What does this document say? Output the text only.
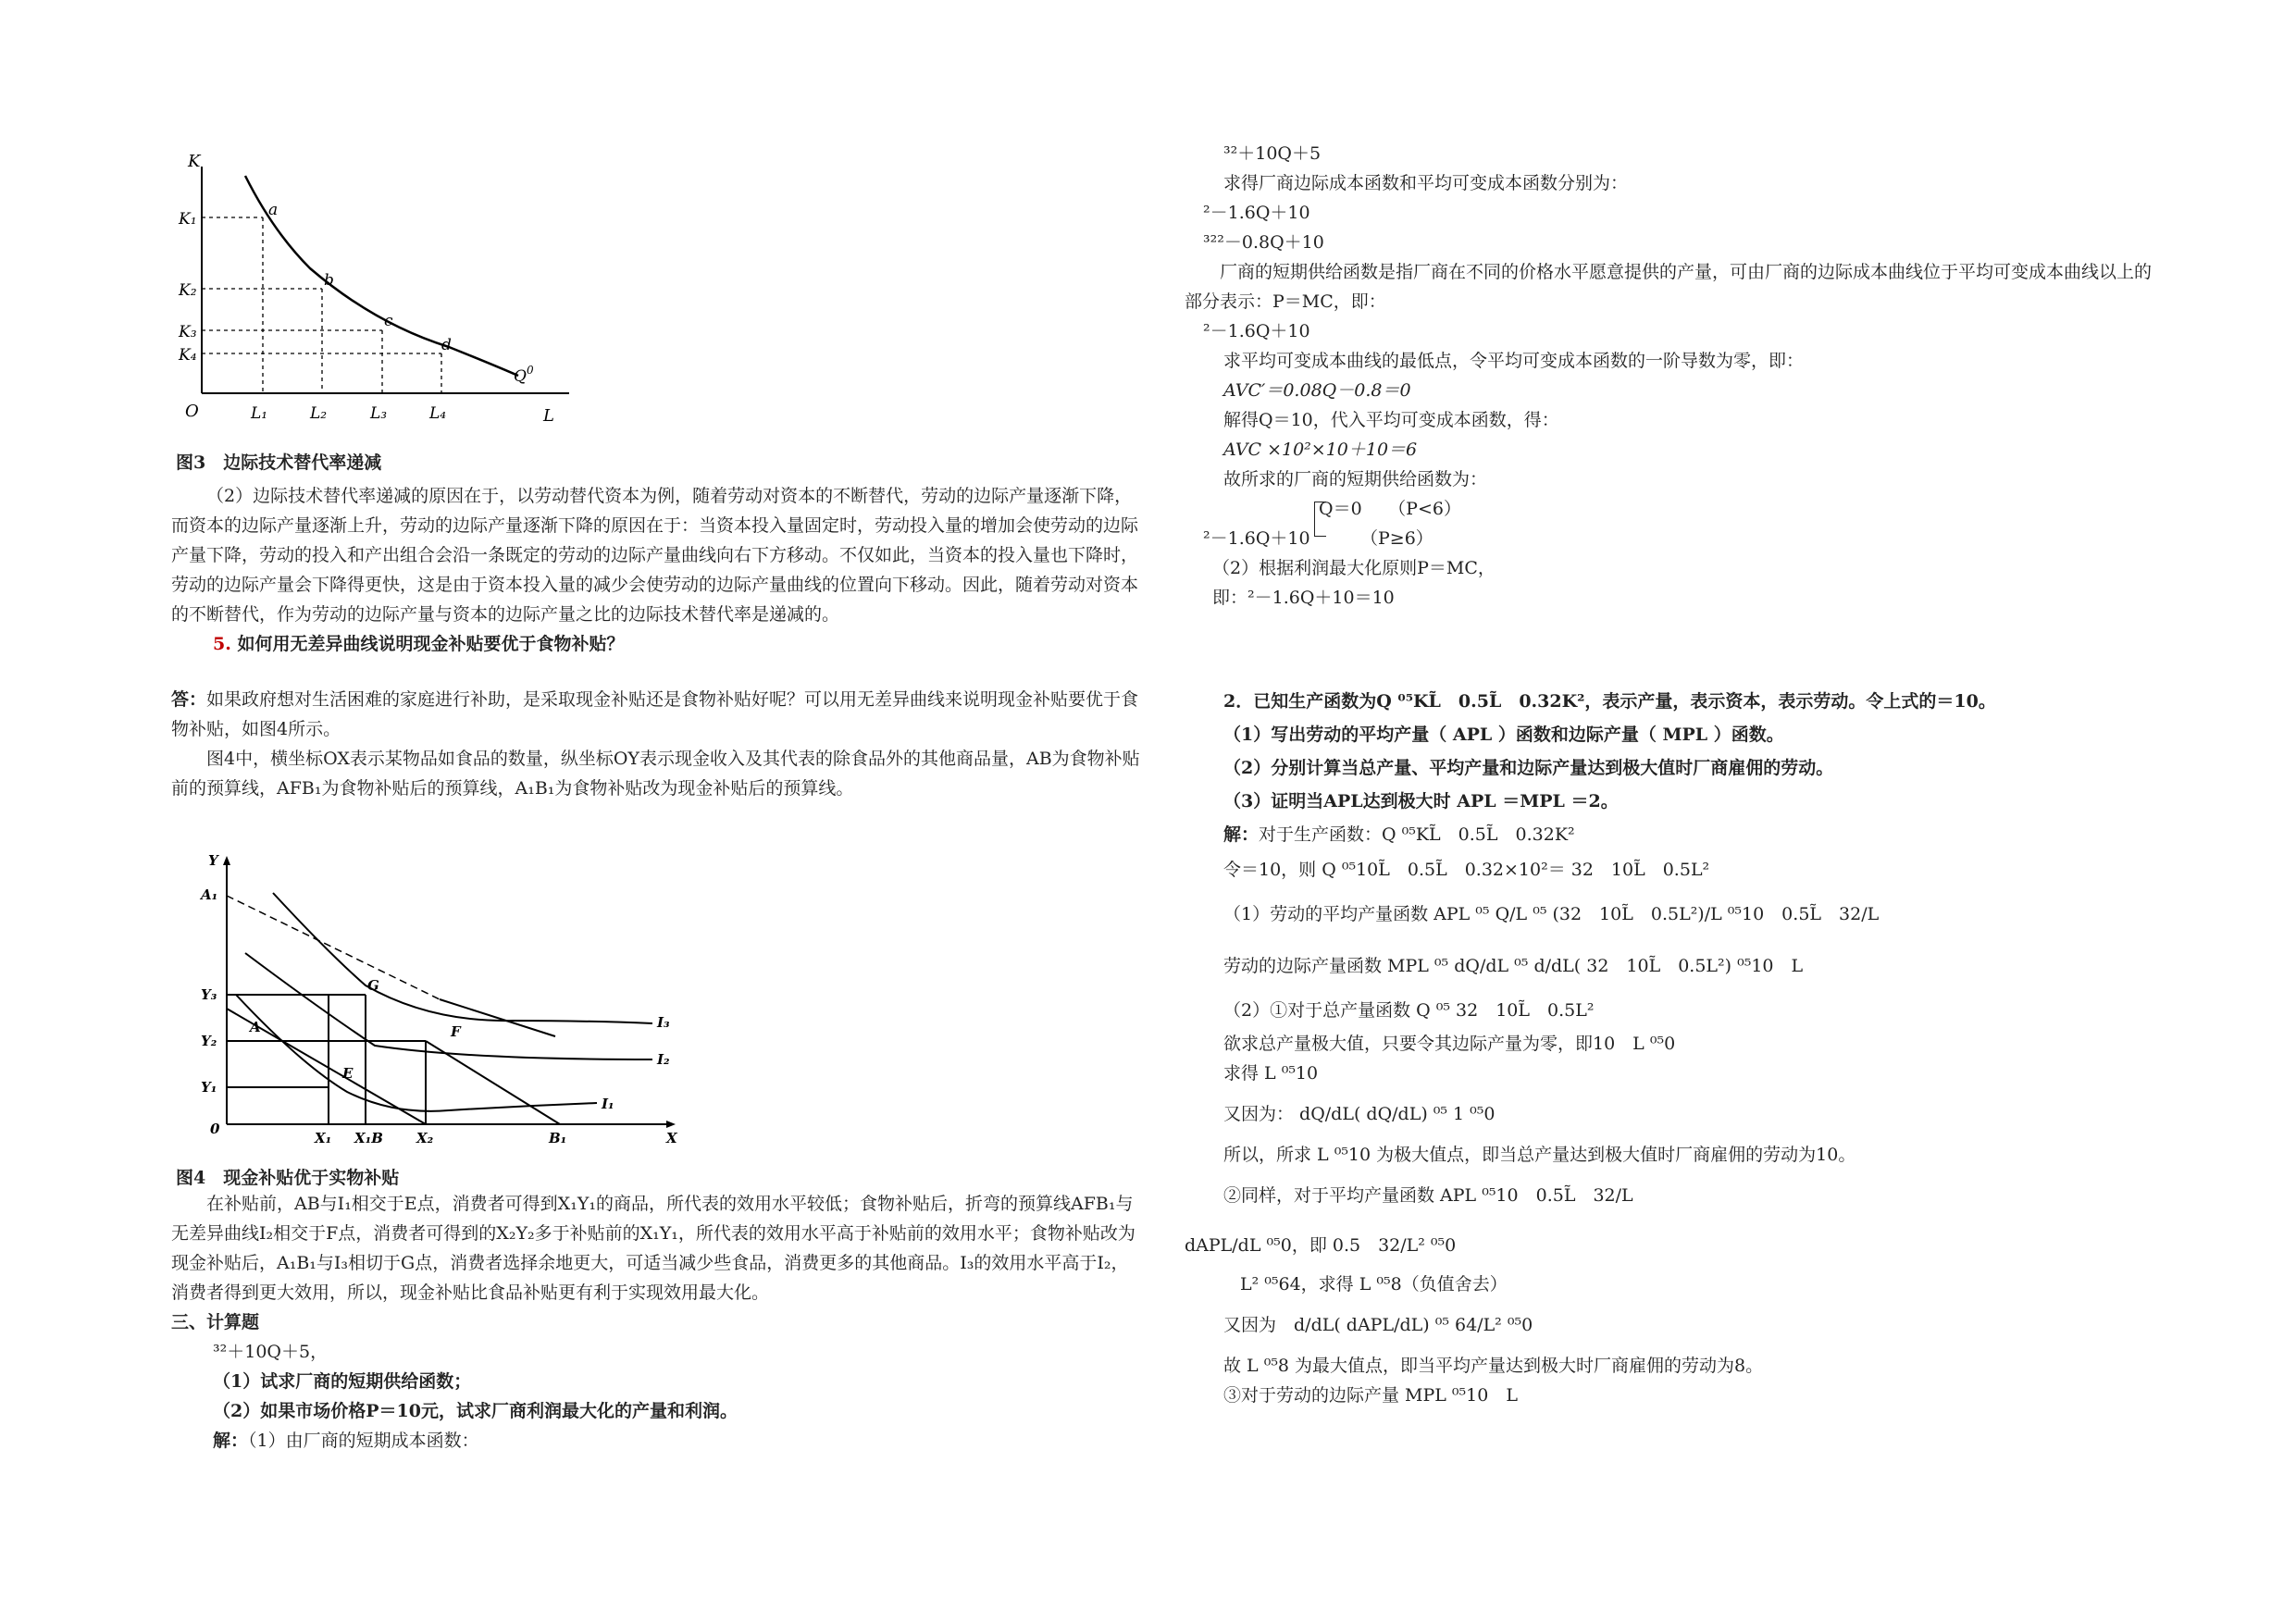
K
L
O
K₁
K₂
K₃
K₄
L₁	L₂	L₃	L₄
a
b
c
d
$Q^0$
图3　边际技术替代率递减

（2）边际技术替代率递减的原因在于，以劳动替代资本为例，随着劳动对资本的不断替代，劳动的边际产量逐渐下降，而资本的边际产量逐渐上升，劳动的边际产量逐渐下降的原因在于：当资本投入量固定时，劳动投入量的增加会使劳动的边际产量下降，劳动的投入和产出组合会沿一条既定的劳动的边际产量曲线向右下方移动。不仅如此，当资本的投入量也下降时，劳动的边际产量会下降得更快，这是由于资本投入量的减少会使劳动的边际产量曲线的位置向下移动。因此，随着劳动对资本的不断替代，作为劳动的边际产量与资本的边际产量之比的边际技术替代率是递减的。

5. 如何用无差异曲线说明现金补贴要优于食物补贴？

答：如果政府想对生活困难的家庭进行补助，是采取现金补贴还是食物补贴好呢？可以用无差异曲线来说明现金补贴要优于食物补贴，如图4所示。

图4中，横坐标OX表示某物品如食品的数量，纵坐标OY表示现金收入及其代表的除食品外的其他商品量，AB为食物补贴前的预算线，AFB₁为食物补贴后的预算线，A₁B₁为食物补贴改为现金补贴后的预算线。

Y
X
0
A₁
Y₃
Y₂
Y₁
A
G
F
E
I₃
I₂
I₁
X₁ X₁B X₂	B₁
图4　现金补贴优于实物补贴

在补贴前，AB与I₁相交于E点，消费者可得到X₁Y₁的商品，所代表的效用水平较低；食物补贴后，折弯的预算线AFB₁与无差异曲线I₂相交于F点，消费者可得到的X₂Y₂多于补贴前的X₁Y₁，所代表的效用水平高于补贴前的效用水平；食物补贴改为现金补贴后，A₁B₁与I₃相切于G点，消费者选择余地更大，可适当减少些食品，消费更多的其他商品。I₃的效用水平高于I₂，消费者得到更大效用，所以，现金补贴比食品补贴更有利于实现效用最大化。

三、计算题

³²＋10Q＋5，

（1）试求厂商的短期供给函数；

（2）如果市场价格P＝10元，试求厂商利润最大化的产量和利润。

解：（1）由厂商的短期成本函数：

³²＋10Q＋5

求得厂商边际成本函数和平均可变成本函数分别为：

²－1.6Q＋10

³²²－0.8Q＋10

厂商的短期供给函数是指厂商在不同的价格水平愿意提供的产量，可由厂商的边际成本曲线位于平均可变成本曲线以上的部分表示：P＝MC，即：

²－1.6Q＋10

求平均可变成本曲线的最低点，令平均可变成本函数的一阶导数为零，即：

AVC′＝0.08Q－0.8＝0

解得Q＝10，代入平均可变成本函数，得：

AVC ×10²×10＋10＝6

故所求的厂商的短期供给函数为：

Q＝0　　（P<6）
²－1.6Q＋10	（P≥6）

（2）根据利润最大化原则P＝MC，

即：²－1.6Q＋10＝10

2．已知生产函数为Q ⁰⁵KL̃　0.5L̃　0.32K²，表示产量，表示资本，表示劳动。令上式的＝10。

（1）写出劳动的平均产量（ APL ）函数和边际产量（ MPL ）函数。

（2）分别计算当总产量、平均产量和边际产量达到极大值时厂商雇佣的劳动。

（3）证明当APL达到极大时 APL ＝MPL ＝2。

解：对于生产函数：Q ⁰⁵KL̃　0.5L̃　0.32K²

令＝10，则 Q ⁰⁵10L̃　0.5L̃　0.32×10²＝ 32　10L̃　0.5L²

（1）劳动的平均产量函数 APL ⁰⁵ Q/L ⁰⁵ (32　10L̃　0.5L²)/L ⁰⁵10　0.5L̃　32/L

劳动的边际产量函数 MPL ⁰⁵ dQ/dL ⁰⁵ d/dL( 32　10L̃　0.5L²) ⁰⁵10　L

（2）①对于总产量函数 Q ⁰⁵ 32　10L̃　0.5L²

欲求总产量极大值，只要令其边际产量为零，即10　L ⁰⁵0

求得 L ⁰⁵10

又因为： dQ/dL( dQ/dL) ⁰⁵ 1 ⁰⁵0

所以，所求 L ⁰⁵10 为极大值点，即当总产量达到极大值时厂商雇佣的劳动为10。

②同样，对于平均产量函数 APL ⁰⁵10　0.5L̃　32/L

dAPL/dL ⁰⁵0，即 0.5　32/L² ⁰⁵0

L² ⁰⁵64，求得 L ⁰⁵8（负值舍去）

又因为　d/dL( dAPL/dL) ⁰⁵ 64/L² ⁰⁵0

故 L ⁰⁵8 为最大值点，即当平均产量达到极大时厂商雇佣的劳动为8。

③对于劳动的边际产量 MPL ⁰⁵10　L
